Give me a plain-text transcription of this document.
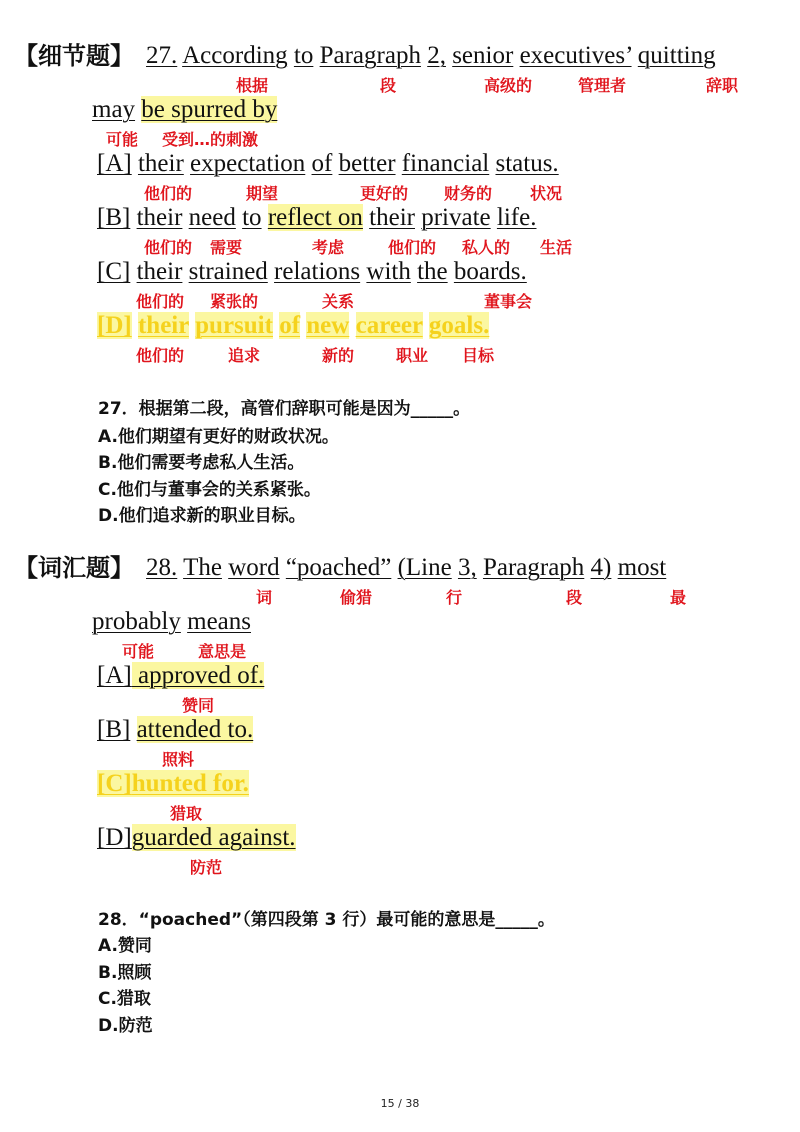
【细节题】 27. According to Paragraph 2, senior executives’ quitting
根据	段	高级的	管理者	辞职
may be spurred by
可能 受到…的刺激
[A] their expectation of better financial status.
他们的	期望	更好的 财务的 状况
[B] their need to reflect on their private life.
他们的 需要	考虑	他们的 私人的 生活
[C] their strained relations with the boards.
他们的 紧张的	关系	董事会
[D] their pursuit of new career goals.
他们的	追求	新的	职业 目标
27．根据第二段，高管们辞职可能是因为_____。
A.他们期望有更好的财政状况。
B.他们需要考虑私人生活。
C.他们与董事会的关系紧张。
D.他们追求新的职业目标。
【词汇题】 28. The word “poached” (Line 3, Paragraph 4) most
词	偷猎	行	段	最
probably means
可能	意思是
[A] approved of.
赞同
[B] attended to.
照料
[C]hunted for.
猎取
[D]guarded against.
防范
28．“poached”（第四段第 3 行）最可能的意思是_____。
A.赞同
B.照顾
C.猎取
D.防范
15 / 38
